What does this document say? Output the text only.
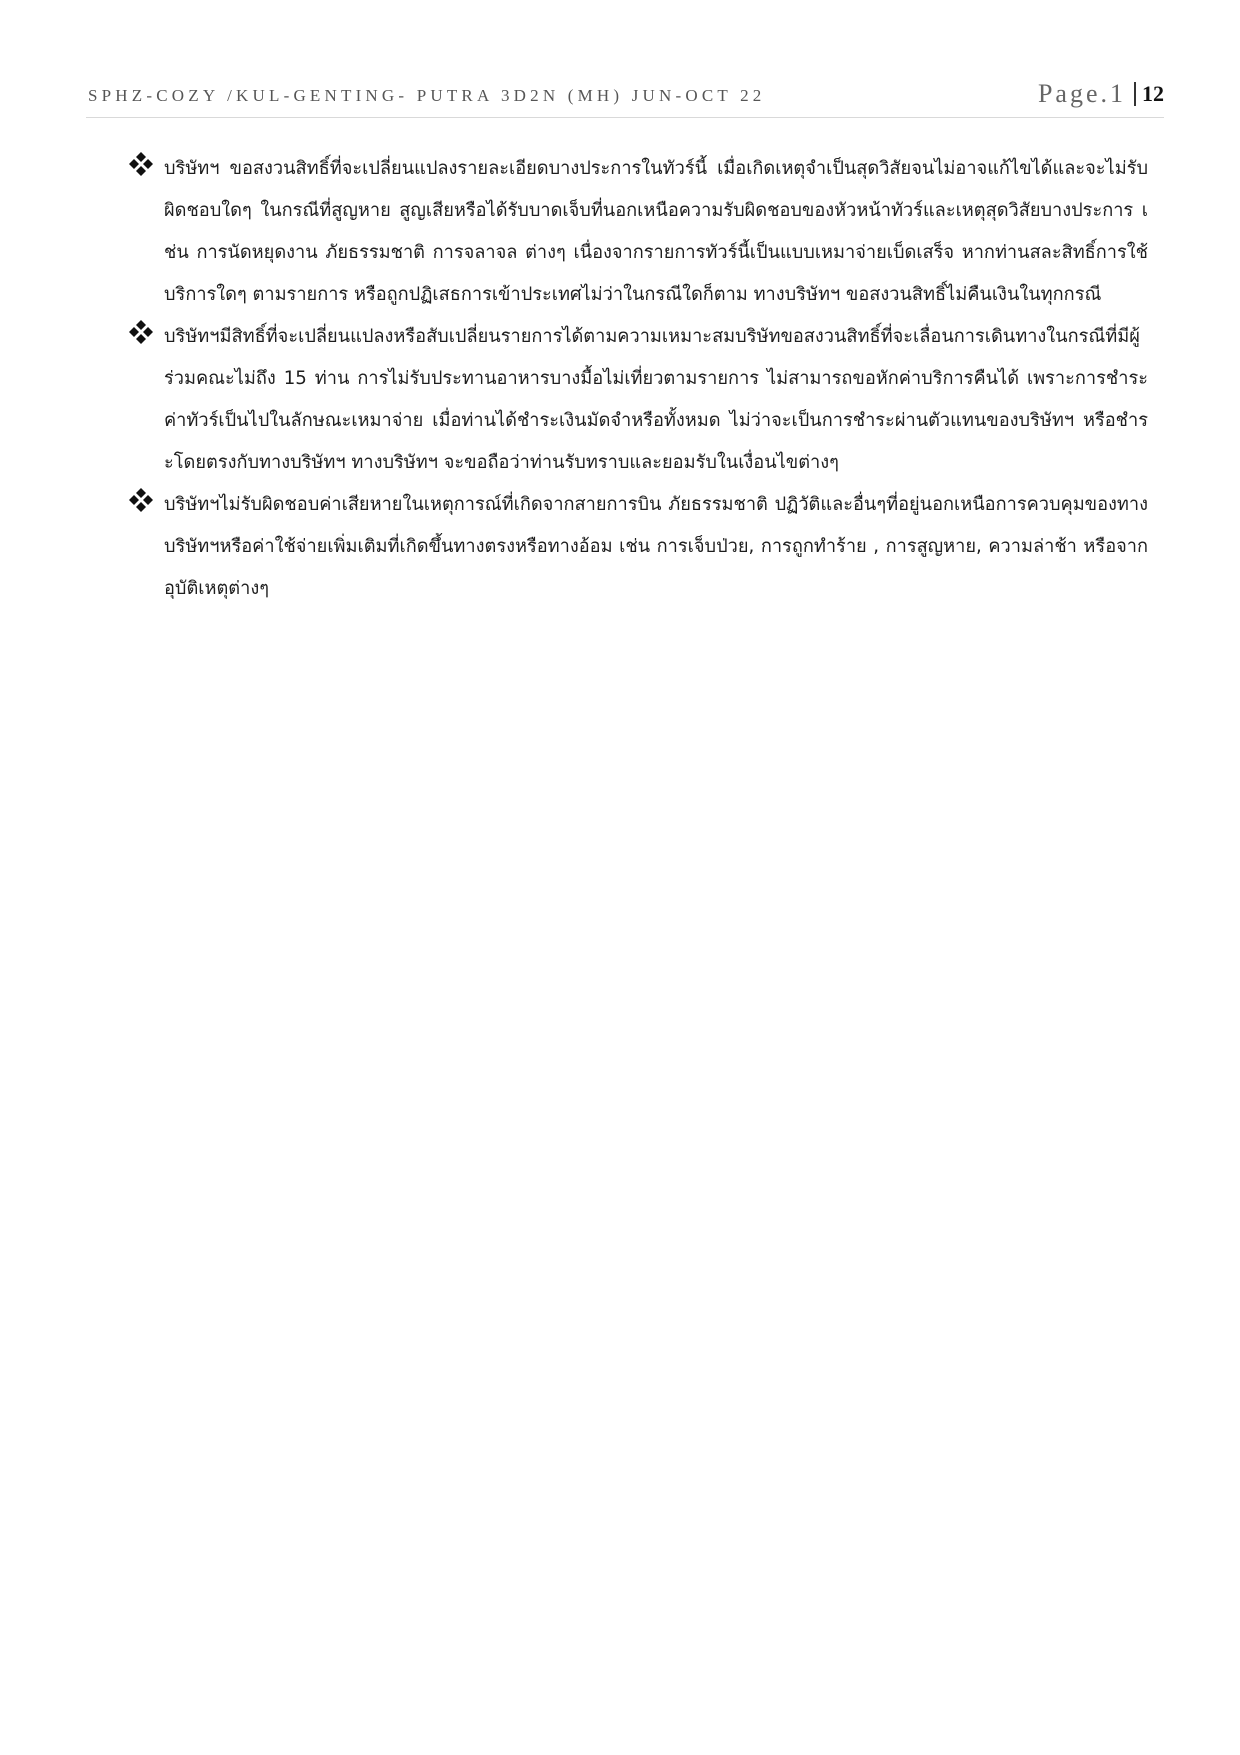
SPHZ-COZY /KUL-GENTING- PUTRA 3D2N (MH) JUN-OCT 22	Page.1 12
บริษัทฯ ขอสงวนสิทธิ์ที่จะเปลี่ยนแปลงรายละเอียดบางประการในทัวร์นี้ เมื่อเกิดเหตุจำเป็นสุดวิสัยจนไม่อาจแก้ไขได้และจะไม่รับผิดชอบใดๆ ในกรณีที่สูญหาย สูญเสียหรือได้รับบาดเจ็บที่นอกเหนือความรับผิดชอบของหัวหน้าทัวร์และเหตุสุดวิสัยบางประการ เช่น การนัดหยุดงาน ภัยธรรมชาติ การจลาจล ต่างๆ เนื่องจากรายการทัวร์นี้เป็นแบบเหมาจ่ายเบ็ดเสร็จ หากท่านสละสิทธิ์การใช้บริการใดๆ ตามรายการ หรือถูกปฏิเสธการเข้าประเทศไม่ว่าในกรณีใดก็ตาม ทางบริษัทฯ ขอสงวนสิทธิ์ไม่คืนเงินในทุกกรณี
บริษัทฯมีสิทธิ์ที่จะเปลี่ยนแปลงหรือสับเปลี่ยนรายการได้ตามความเหมาะสมบริษัทขอสงวนสิทธิ์ที่จะเลื่อนการเดินทางในกรณีที่มีผู้ร่วมคณะไม่ถึง 15 ท่าน การไม่รับประทานอาหารบางมื้อไม่เที่ยวตามรายการ ไม่สามารถขอหักค่าบริการคืนได้ เพราะการชำระค่าทัวร์เป็นไปในลักษณะเหมาจ่าย เมื่อท่านได้ชำระเงินมัดจำหรือทั้งหมด ไม่ว่าจะเป็นการชำระผ่านตัวแทนของบริษัทฯ หรือชำระโดยตรงกับทางบริษัทฯ ทางบริษัทฯ จะขอถือว่าท่านรับทราบและยอมรับในเงื่อนไขต่างๆ
บริษัทฯไม่รับผิดชอบค่าเสียหายในเหตุการณ์ที่เกิดจากสายการบิน ภัยธรรมชาติ ปฏิวัติและอื่นๆที่อยู่นอกเหนือการควบคุมของทางบริษัทฯหรือค่าใช้จ่ายเพิ่มเติมที่เกิดขึ้นทางตรงหรือทางอ้อม เช่น การเจ็บป่วย, การถูกทำร้าย , การสูญหาย, ความล่าช้า หรือจากอุบัติเหตุต่างๆ
